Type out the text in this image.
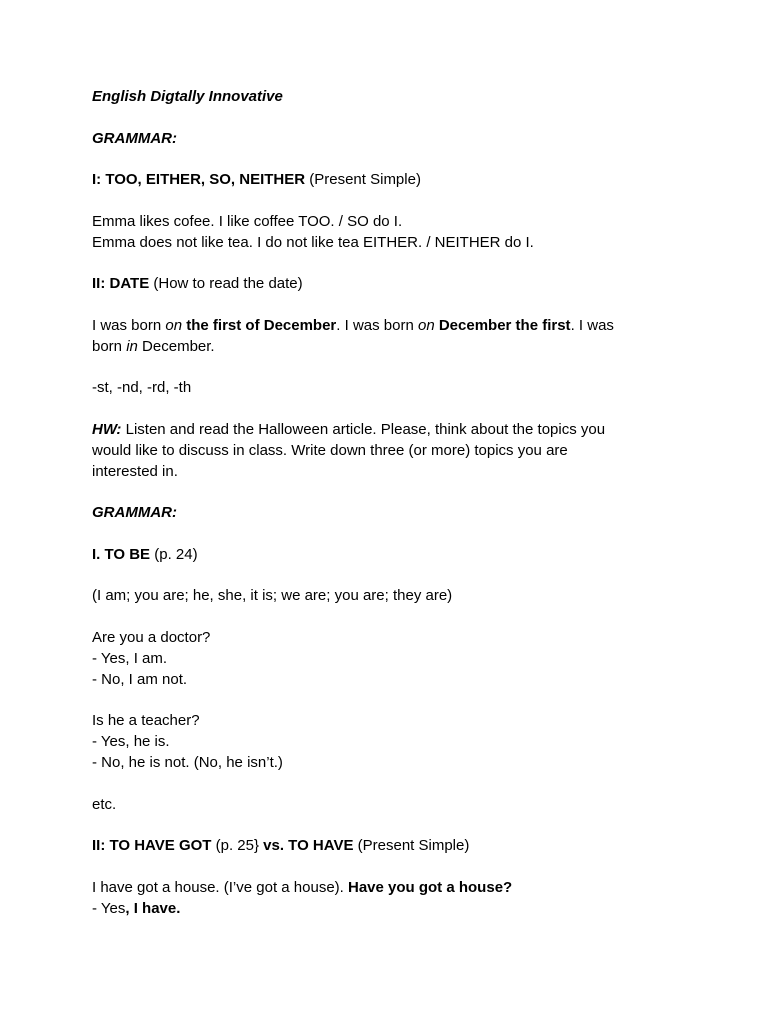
English Digtally Innovative
GRAMMAR:
I: TOO, EITHER, SO, NEITHER (Present Simple)
Emma likes cofee. I like coffee TOO. / SO do I.
Emma does not like tea. I do not like tea EITHER. / NEITHER do I.
II: DATE (How to read the date)
I was born on the first of December. I was born on December the first. I was
born in December.
-st, -nd, -rd, -th
HW: Listen and read the Halloween article. Please, think about the topics you
would like to discuss in class. Write down three (or more) topics you are
interested in.
GRAMMAR:
I. TO BE (p. 24)
(I am; you are; he, she, it is; we are; you are; they are)
Are you a doctor?
- Yes, I am.
- No, I am not.
Is he a teacher?
- Yes, he is.
- No, he is not. (No, he isn’t.)
etc.
II: TO HAVE GOT (p. 25} vs. TO HAVE (Present Simple)
I have got a house. (I’ve got a house). Have you got a house?
- Yes, I have.
